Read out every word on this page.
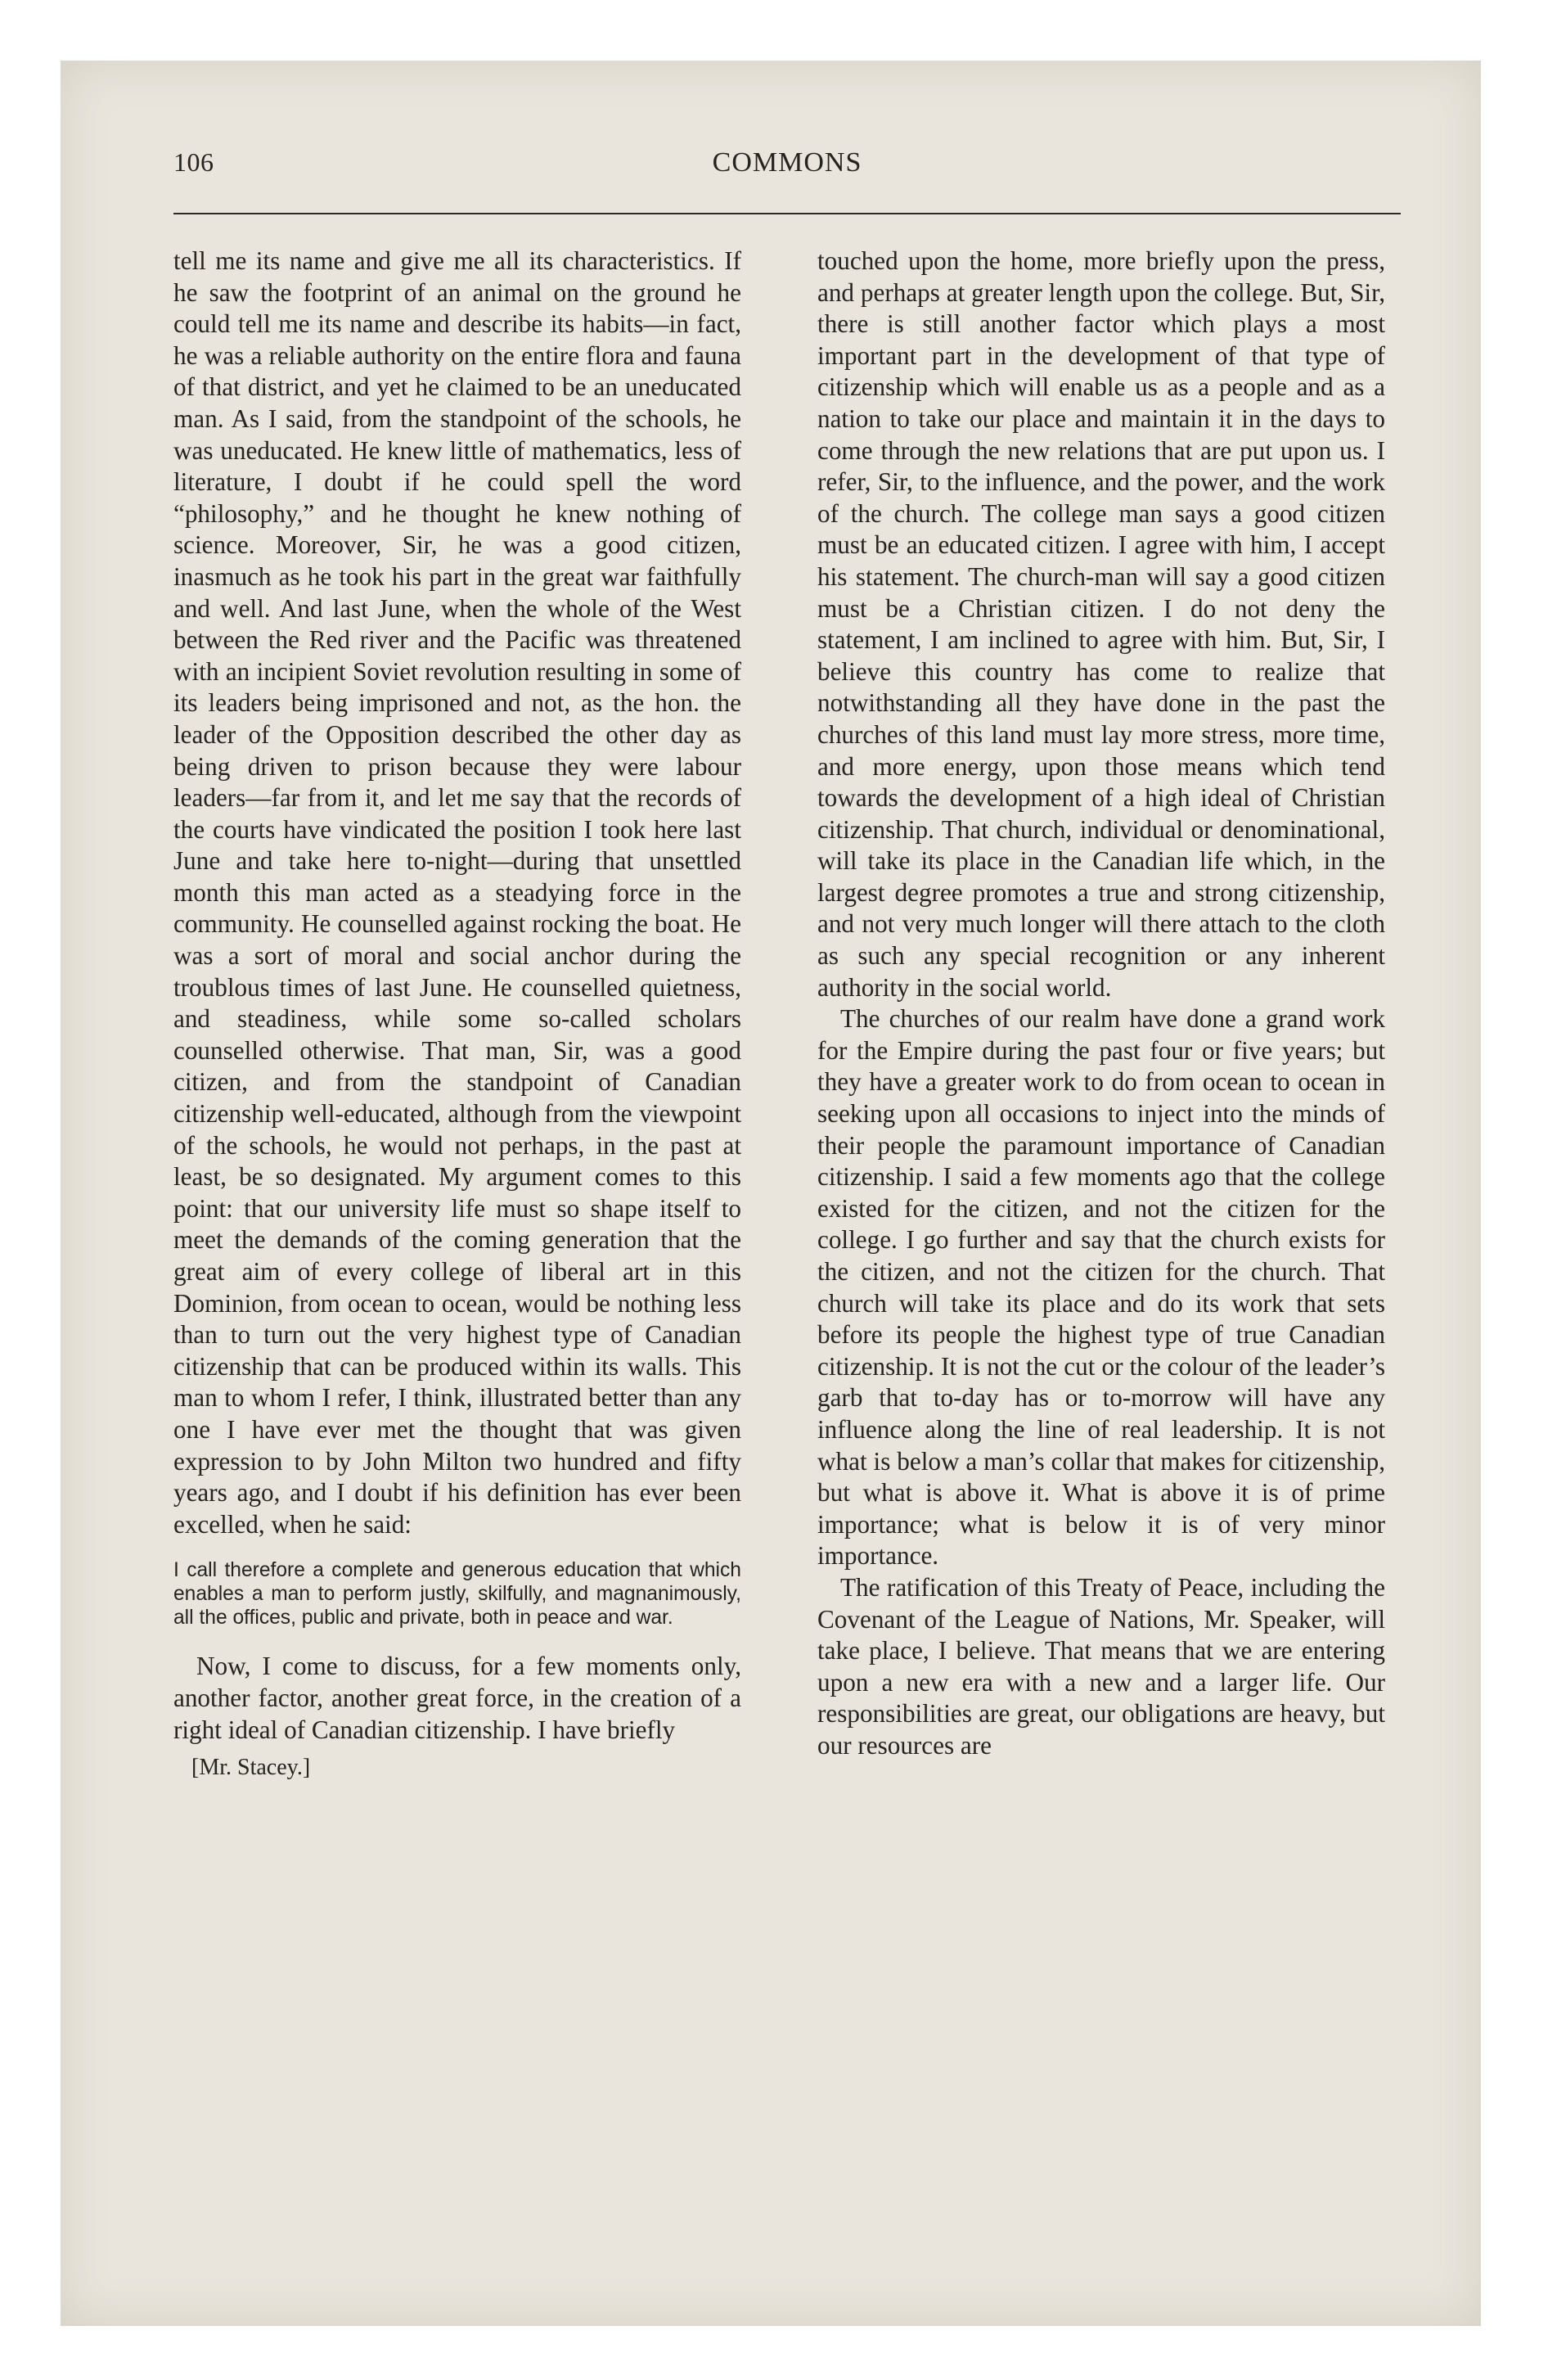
106	COMMONS

tell me its name and give me all its characteristics. If he saw the footprint of an animal on the ground he could tell me its name and describe its habits—in fact, he was a reliable authority on the entire flora and fauna of that district, and yet he claimed to be an uneducated man. As I said, from the standpoint of the schools, he was uneducated. He knew little of mathematics, less of literature, I doubt if he could spell the word “philosophy,” and he thought he knew nothing of science. Moreover, Sir, he was a good citizen, inasmuch as he took his part in the great war faithfully and well. And last June, when the whole of the West between the Red river and the Pacific was threatened with an incipient Soviet revolution resulting in some of its leaders being imprisoned and not, as the hon. the leader of the Opposition described the other day as being driven to prison because they were labour leaders—far from it, and let me say that the records of the courts have vindicated the position I took here last June and take here to-night—during that unsettled month this man acted as a steadying force in the community. He counselled against rocking the boat. He was a sort of moral and social anchor during the troublous times of last June. He counselled quietness, and steadiness, while some so-called scholars counselled otherwise. That man, Sir, was a good citizen, and from the standpoint of Canadian citizenship well-educated, although from the viewpoint of the schools, he would not perhaps, in the past at least, be so designated. My argument comes to this point: that our university life must so shape itself to meet the demands of the coming generation that the great aim of every college of liberal art in this Dominion, from ocean to ocean, would be nothing less than to turn out the very highest type of Canadian citizenship that can be produced within its walls. This man to whom I refer, I think, illustrated better than any one I have ever met the thought that was given expression to by John Milton two hundred and fifty years ago, and I doubt if his definition has ever been excelled, when he said:

I call therefore a complete and generous education that which enables a man to perform justly, skilfully, and magnanimously, all the offices, public and private, both in peace and war.

Now, I come to discuss, for a few moments only, another factor, another great force, in the creation of a right ideal of Canadian citizenship. I have briefly

[Mr. Stacey.]

touched upon the home, more briefly upon the press, and perhaps at greater length upon the college. But, Sir, there is still another factor which plays a most important part in the development of that type of citizenship which will enable us as a people and as a nation to take our place and maintain it in the days to come through the new relations that are put upon us. I refer, Sir, to the influence, and the power, and the work of the church. The college man says a good citizen must be an educated citizen. I agree with him, I accept his statement. The church-man will say a good citizen must be a Christian citizen. I do not deny the statement, I am inclined to agree with him. But, Sir, I believe this country has come to realize that notwithstanding all they have done in the past the churches of this land must lay more stress, more time, and more energy, upon those means which tend towards the development of a high ideal of Christian citizenship. That church, individual or denominational, will take its place in the Canadian life which, in the largest degree promotes a true and strong citizenship, and not very much longer will there attach to the cloth as such any special recognition or any inherent authority in the social world.

The churches of our realm have done a grand work for the Empire during the past four or five years; but they have a greater work to do from ocean to ocean in seeking upon all occasions to inject into the minds of their people the paramount importance of Canadian citizenship. I said a few moments ago that the college existed for the citizen, and not the citizen for the college. I go further and say that the church exists for the citizen, and not the citizen for the church. That church will take its place and do its work that sets before its people the highest type of true Canadian citizenship. It is not the cut or the colour of the leader’s garb that to-day has or to-morrow will have any influence along the line of real leadership. It is not what is below a man’s collar that makes for citizenship, but what is above it. What is above it is of prime importance; what is below it is of very minor importance.

The ratification of this Treaty of Peace, including the Covenant of the League of Nations, Mr. Speaker, will take place, I believe. That means that we are entering upon a new era with a new and a larger life. Our responsibilities are great, our obligations are heavy, but our resources are
